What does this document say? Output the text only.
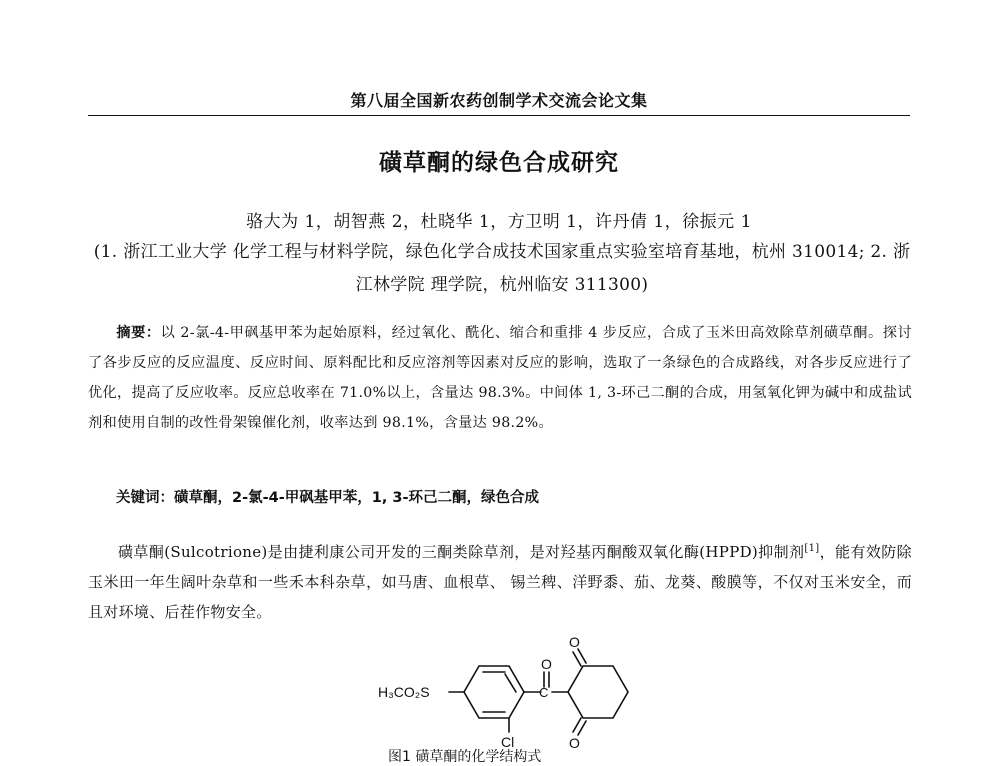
第八届全国新农药创制学术交流会论文集
磺草酮的绿色合成研究
骆大为 1，胡智燕 2，杜晓华 1，方卫明 1，许丹倩 1，徐振元 1
(1. 浙江工业大学 化学工程与材料学院，绿色化学合成技术国家重点实验室培育基地，杭州 310014; 2. 浙江林学院 理学院，杭州临安 311300)
摘要：以 2-氯-4-甲砜基甲苯为起始原料，经过氧化、酰化、缩合和重排 4 步反应，合成了玉米田高效除草剂磺草酮。探讨了各步反应的反应温度、反应时间、原料配比和反应溶剂等因素对反应的影响，选取了一条绿色的合成路线，对各步反应进行了优化，提高了反应收率。反应总收率在 71.0%以上，含量达 98.3%。中间体 1, 3-环己二酮的合成，用氢氧化钾为碱中和成盐试剂和使用自制的改性骨架镍催化剂，收率达到 98.1%，含量达 98.2%。
关键词：磺草酮，2-氯-4-甲砜基甲苯，1, 3-环己二酮，绿色合成
磺草酮(Sulcotrione)是由捷利康公司开发的三酮类除草剂，是对羟基丙酮酸双氧化酶(HPPD)抑制剂[1]，能有效防除玉米田一年生阔叶杂草和一些禾本科杂草，如马唐、血根草、 锡兰稗、洋野黍、茄、龙葵、酸膜等，不仅对玉米安全，而且对环境、后茬作物安全。
H₃CO₂S
O
C
O
O
Cl
图1 磺草酮的化学结构式
